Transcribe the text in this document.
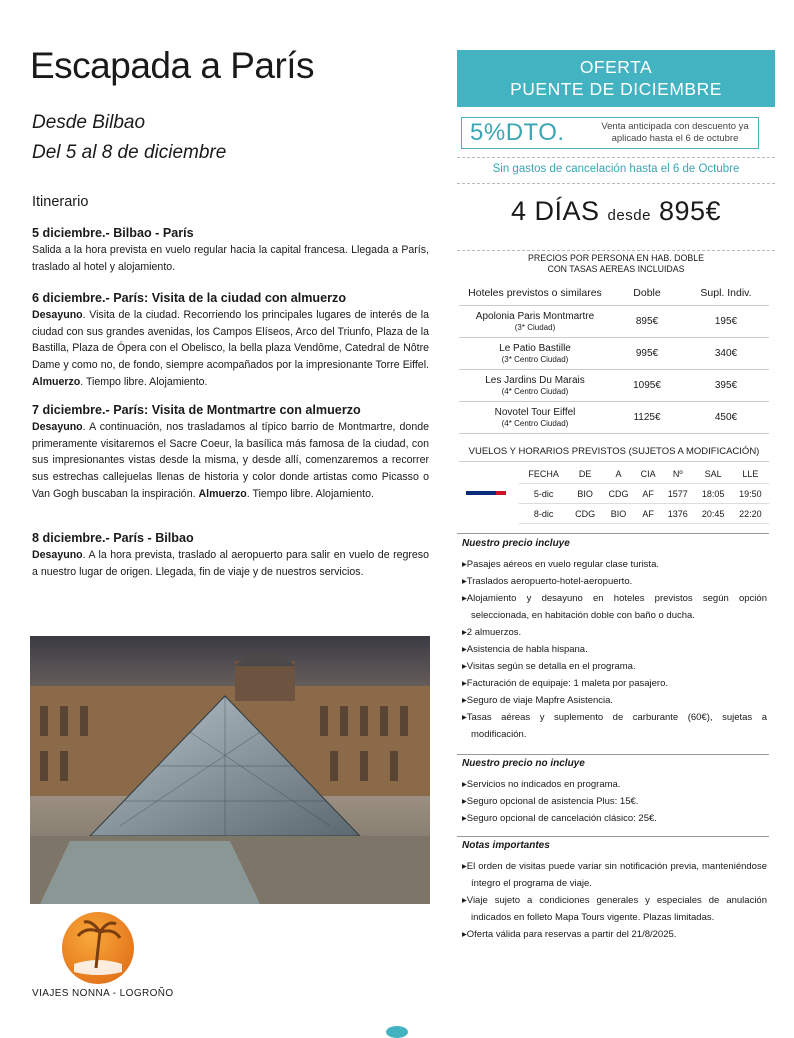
Escapada a París
Desde Bilbao
Del 5 al 8 de diciembre
Itinerario
5 diciembre.- Bilbao - París
Salida a la hora prevista en vuelo regular hacia la capital francesa. Llegada a París, traslado al hotel y alojamiento.
6 diciembre.- París: Visita de la ciudad con almuerzo
Desayuno. Visita de la ciudad. Recorriendo los principales lugares de interés de la ciudad con sus grandes avenidas, los Campos Elíseos, Arco del Triunfo, Plaza de la Bastilla, Plaza de Ópera con el Obelisco, la bella plaza Vendôme, Catedral de Nôtre Dame y como no, de fondo, siempre acompañados por la impresionante Torre Eiffel. Almuerzo. Tiempo libre. Alojamiento.
7 diciembre.- París: Visita de Montmartre con almuerzo
Desayuno. A continuación, nos trasladamos al típico barrio de Montmartre, donde primeramente visitaremos el Sacre Coeur, la basílica más famosa de la ciudad, con sus impresionantes vistas desde la misma, y desde allí, comenzaremos a recorrer sus estrechas callejuelas llenas de historia y color donde artistas como Picasso o Van Gogh buscaban la inspiración. Almuerzo. Tiempo libre. Alojamiento.
8 diciembre.- París - Bilbao
Desayuno. A la hora prevista, traslado al aeropuerto para salir en vuelo de regreso a nuestro lugar de origen. Llegada, fin de viaje y de nuestros servicios.
VIAJES NONNA - LOGROÑO
OFERTA
PUENTE DE DICIEMBRE
5%DTO.	Venta anticipada con descuento ya aplicado hasta el 6 de octubre
Sin gastos de cancelación hasta el 6 de Octubre
4 DÍAS desde 895€
PRECIOS POR PERSONA EN HAB. DOBLE
CON TASAS AEREAS INCLUIDAS
Hoteles previstos o similares	Doble	Supl. Indiv.
Apolonia Paris Montmartre
(3* Ciudad)	895€	195€
Le Patio Bastille
(3* Centro Ciudad)	995€	340€
Les Jardins Du Marais
(4* Centro Ciudad)	1095€	395€
Novotel Tour Eiffel
(4* Centro Ciudad)	1125€	450€
VUELOS Y HORARIOS PREVISTOS (SUJETOS A MODIFICACIÓN)
	FECHA	DE	A	CIA	Nº	SAL	LLE
	5-dic	BIO	CDG	AF	1577	18:05	19:50
	8-dic	CDG	BIO	AF	1376	20:45	22:20
Nuestro precio incluye
▸Pasajes aéreos en vuelo regular clase turista.
▸Traslados aeropuerto-hotel-aeropuerto.
▸Alojamiento y desayuno en hoteles previstos según opción seleccionada, en habitación doble con baño o ducha.
▸2 almuerzos.
▸Asistencia de habla hispana.
▸Visitas según se detalla en el programa.
▸Facturación de equipaje: 1 maleta por pasajero.
▸Seguro de viaje Mapfre Asistencia.
▸Tasas aéreas y suplemento de carburante (60€), sujetas a modificación.
Nuestro precio no incluye
▸Servicios no indicados en programa.
▸Seguro opcional de asistencia Plus: 15€.
▸Seguro opcional de cancelación clásico: 25€.
Notas importantes
▸El orden de visitas puede variar sin notificación previa, manteniéndose íntegro el programa de viaje.
▸Viaje sujeto a condiciones generales y especiales de anulación indicados en folleto Mapa Tours vigente. Plazas limitadas.
▸Oferta válida para reservas a partir del 21/8/2025.
